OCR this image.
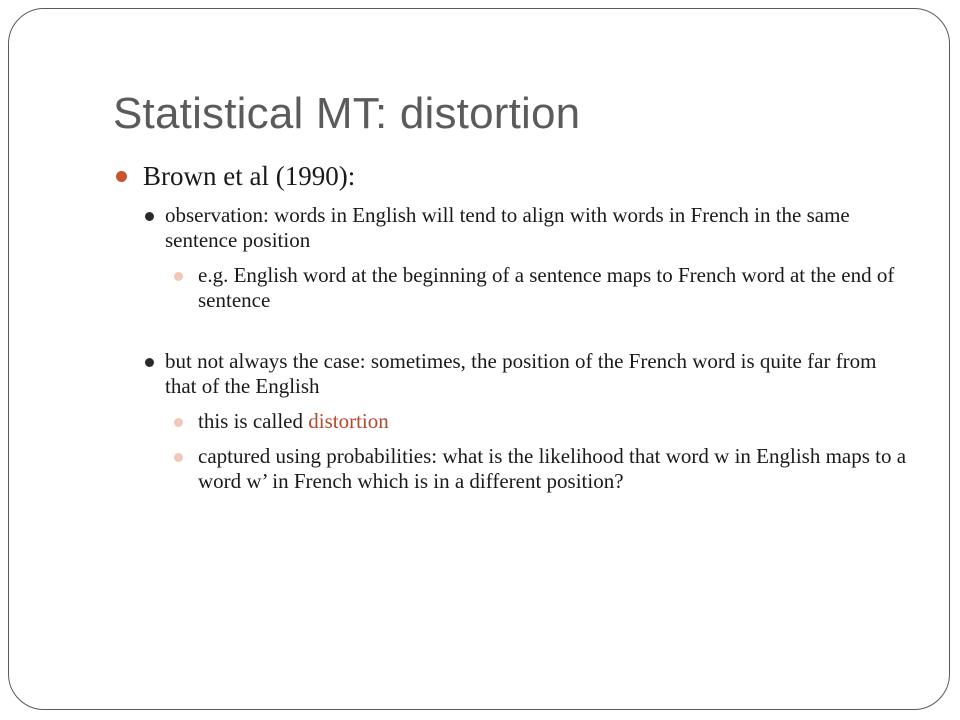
Statistical MT: distortion
Brown et al (1990):
observation: words in English will tend to align with words in French in the same sentence position
e.g. English word at the beginning of a sentence maps to French word at the end of sentence
but not always the case: sometimes, the position of the French word is quite far from that of the English
this is called distortion
captured using probabilities: what is the likelihood that word w in English maps to a word w’ in French which is in a different position?
